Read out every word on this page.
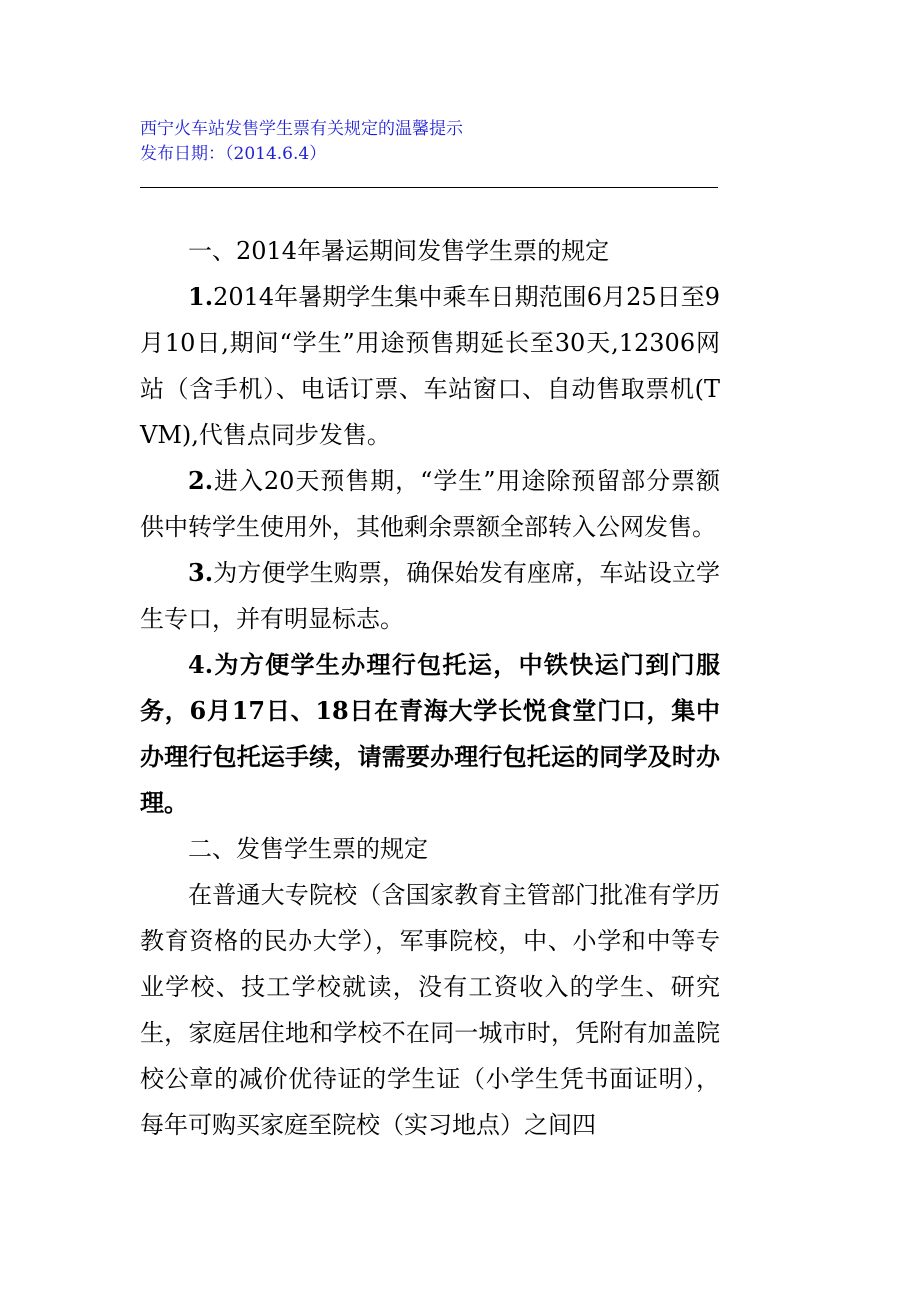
西宁火车站发售学生票有关规定的温馨提示
发布日期：（2014.6.4）

一、2014年暑运期间发售学生票的规定

1.2014年暑期学生集中乘车日期范围6月25日至9月10日,期间“学生”用途预售期延长至30天,12306网站（含手机）、电话订票、车站窗口、自动售取票机(TVM),代售点同步发售。

2.进入20天预售期，“学生”用途除预留部分票额供中转学生使用外，其他剩余票额全部转入公网发售。

3.为方便学生购票，确保始发有座席，车站设立学生专口，并有明显标志。

4.为方便学生办理行包托运，中铁快运门到门服务，6月17日、18日在青海大学长悦食堂门口，集中办理行包托运手续，请需要办理行包托运的同学及时办理。

二、发售学生票的规定

在普通大专院校（含国家教育主管部门批准有学历教育资格的民办大学），军事院校，中、小学和中等专业学校、技工学校就读，没有工资收入的学生、研究生，家庭居住地和学校不在同一城市时，凭附有加盖院校公章的减价优待证的学生证（小学生凭书面证明），每年可购买家庭至院校（实习地点）之间四
